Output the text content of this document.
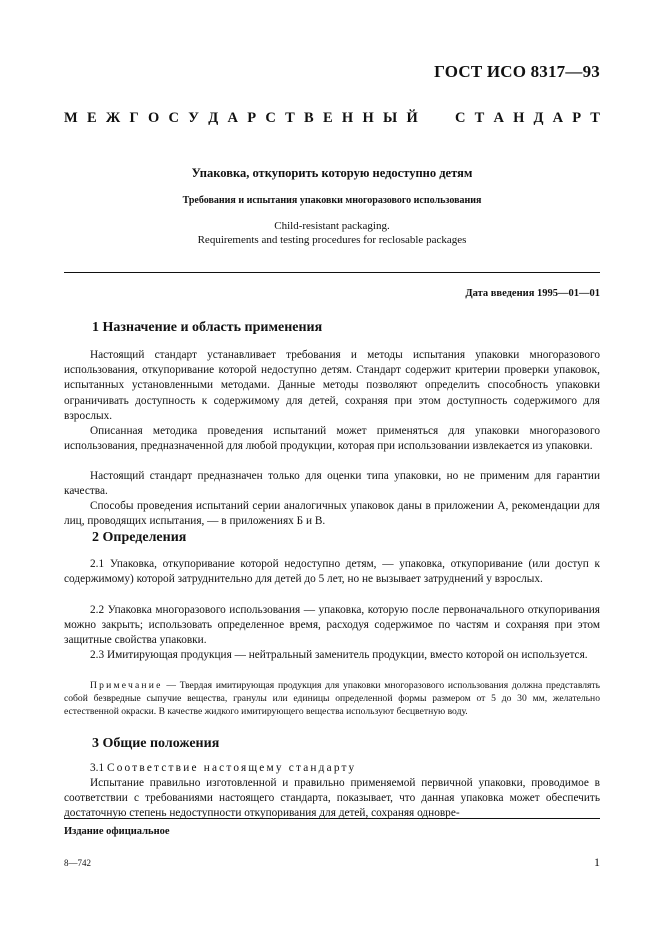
ГОСТ ИСО 8317—93
М Е Ж Г О С У Д А Р С Т В Е Н Н Ы Й	С Т А Н Д А Р Т
Упаковка, откупорить которую недоступно детям
Требования и испытания упаковки многоразового использования
Child-resistant packaging.
Requirements and testing procedures for reclosable packages
Дата введения 1995—01—01
1 Назначение и область применения

Настоящий стандарт устанавливает требования и методы испытания упаковки многоразового использования, откупоривание которой недоступно детям. Стандарт содержит критерии проверки упаковок, испытанных установленными методами. Данные методы позволяют определить способность упаковки ограничивать доступность к содержимому для детей, сохраняя при этом доступность содержимого для взрослых.

Описанная методика проведения испытаний может применяться для упаковки многоразового использования, предназначенной для любой продукции, которая при использовании извлекается из упаковки.

Настоящий стандарт предназначен только для оценки типа упаковки, но не применим для гарантии качества.

Способы проведения испытаний серии аналогичных упаковок даны в приложении А, рекомендации для лиц, проводящих испытания, — в приложениях Б и В.

2 Определения

2.1 Упаковка, откупоривание которой недоступно детям, — упаковка, откупоривание (или доступ к содержимому) которой затруднительно для детей до 5 лет, но не вызывает затруднений у взрослых.

2.2 Упаковка многоразового использования — упаковка, которую после первоначального откупоривания можно закрыть; использовать определенное время, расходуя содержимое по частям и сохраняя при этом защитные свойства упаковки.

2.3 Имитирующая продукция — нейтральный заменитель продукции, вместо которой он используется.

Примечание — Твердая имитирующая продукция для упаковки многоразового использования должна представлять собой безвредные сыпучие вещества, гранулы или единицы определенной формы размером от 5 до 30 мм, желательно естественной окраски. В качестве жидкого имитирующего вещества используют бесцветную воду.

3 Общие положения

3.1 Соответствие настоящему стандарту

Испытание правильно изготовленной и правильно применяемой первичной упаковки, проводимое в соответствии с требованиями настоящего стандарта, показывает, что данная упаковка может обеспечить достаточную степень недоступности откупоривания для детей, сохраняя одновре-

Издание официальное
8—742	1
